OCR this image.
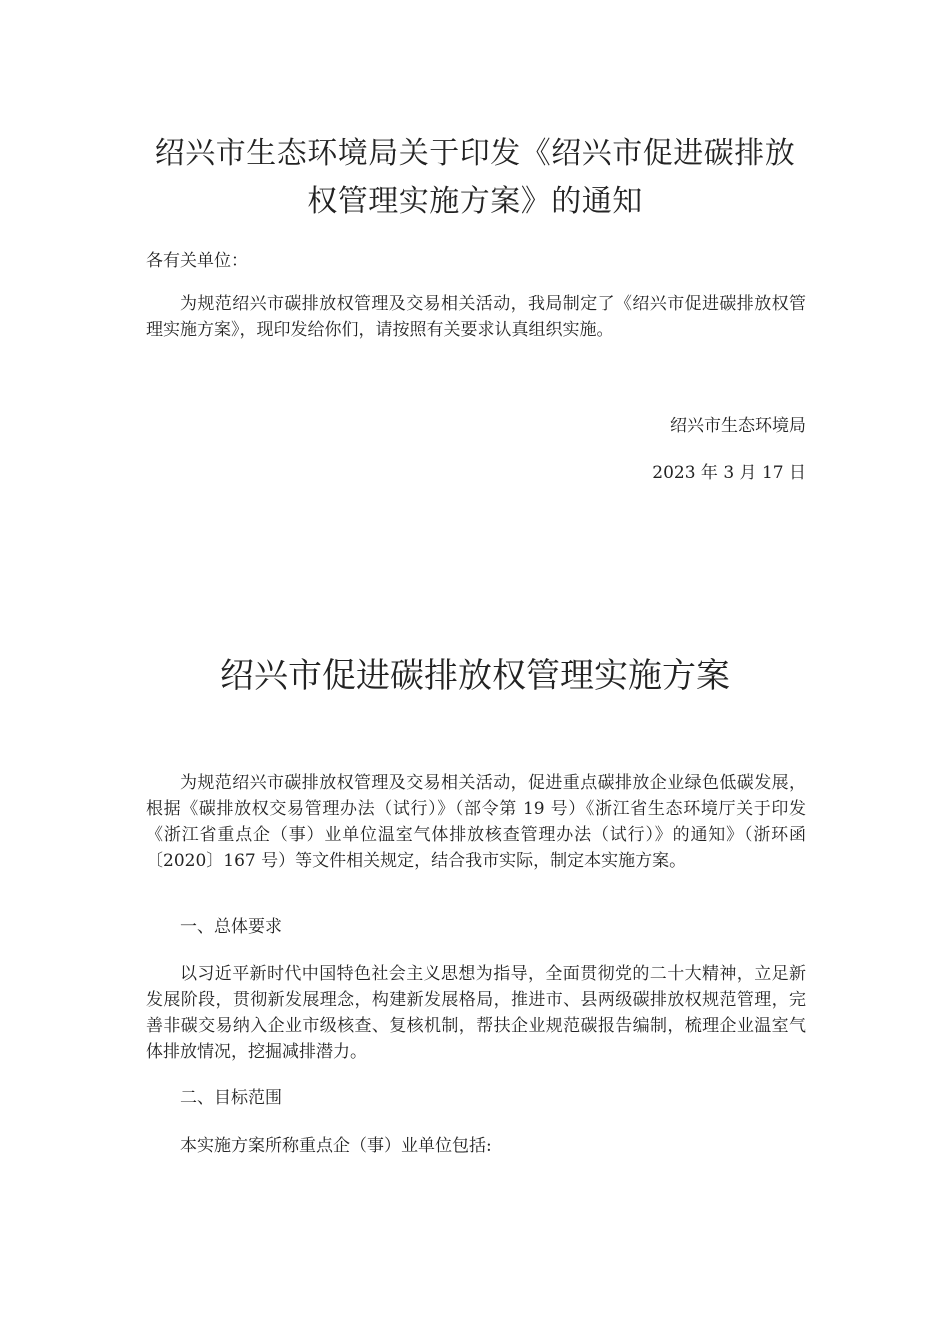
绍兴市生态环境局关于印发《绍兴市促进碳排放权管理实施方案》的通知

各有关单位：

为规范绍兴市碳排放权管理及交易相关活动，我局制定了《绍兴市促进碳排放权管理实施方案》，现印发给你们，请按照有关要求认真组织实施。

绍兴市生态环境局

2023 年 3 月 17 日

绍兴市促进碳排放权管理实施方案

为规范绍兴市碳排放权管理及交易相关活动，促进重点碳排放企业绿色低碳发展，根据《碳排放权交易管理办法（试行）》（部令第 19 号）《浙江省生态环境厅关于印发《浙江省重点企（事）业单位温室气体排放核查管理办法（试行）》的通知》（浙环函〔2020〕167 号）等文件相关规定，结合我市实际，制定本实施方案。

一、总体要求

以习近平新时代中国特色社会主义思想为指导，全面贯彻党的二十大精神，立足新发展阶段，贯彻新发展理念，构建新发展格局，推进市、县两级碳排放权规范管理，完善非碳交易纳入企业市级核查、复核机制，帮扶企业规范碳报告编制，梳理企业温室气体排放情况，挖掘减排潜力。

二、目标范围

本实施方案所称重点企（事）业单位包括:
